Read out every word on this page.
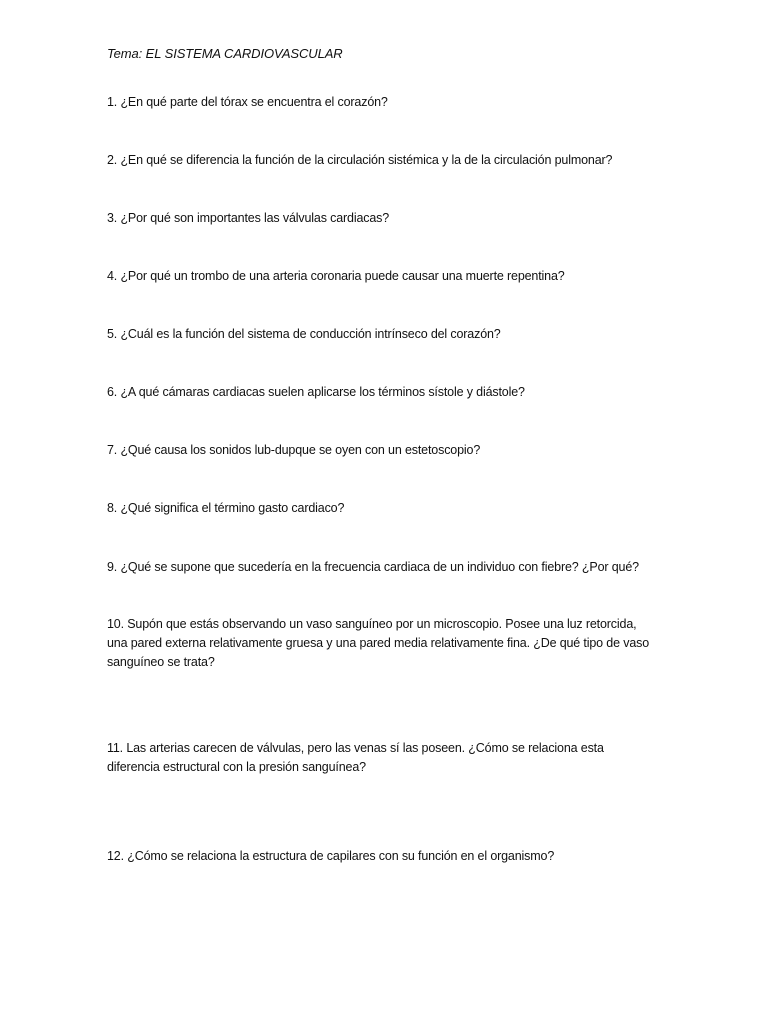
Tema: EL SISTEMA CARDIOVASCULAR
1. ¿En qué parte del tórax se encuentra el corazón?
2. ¿En qué se diferencia la función de la circulación sistémica y la de la circulación pulmonar?
3. ¿Por qué son importantes las válvulas cardiacas?
4. ¿Por qué un trombo de una arteria coronaria puede causar una muerte repentina?
5. ¿Cuál es la función del sistema de conducción intrínseco del corazón?
6. ¿A qué cámaras cardiacas suelen aplicarse los términos sístole y diástole?
7. ¿Qué causa los sonidos lub-dupque se oyen con un estetoscopio?
8. ¿Qué significa el término gasto cardiaco?
9. ¿Qué se supone que sucedería en la frecuencia cardiaca de un individuo con fiebre? ¿Por qué?
10. Supón que estás observando un vaso sanguíneo por un microscopio. Posee una luz retorcida, una pared externa relativamente gruesa y una pared media relativamente fina. ¿De qué tipo de vaso sanguíneo se trata?
11. Las arterias carecen de válvulas, pero las venas sí las poseen. ¿Cómo se relaciona esta diferencia estructural con la presión sanguínea?
12. ¿Cómo se relaciona la estructura de capilares con su función en el organismo?
